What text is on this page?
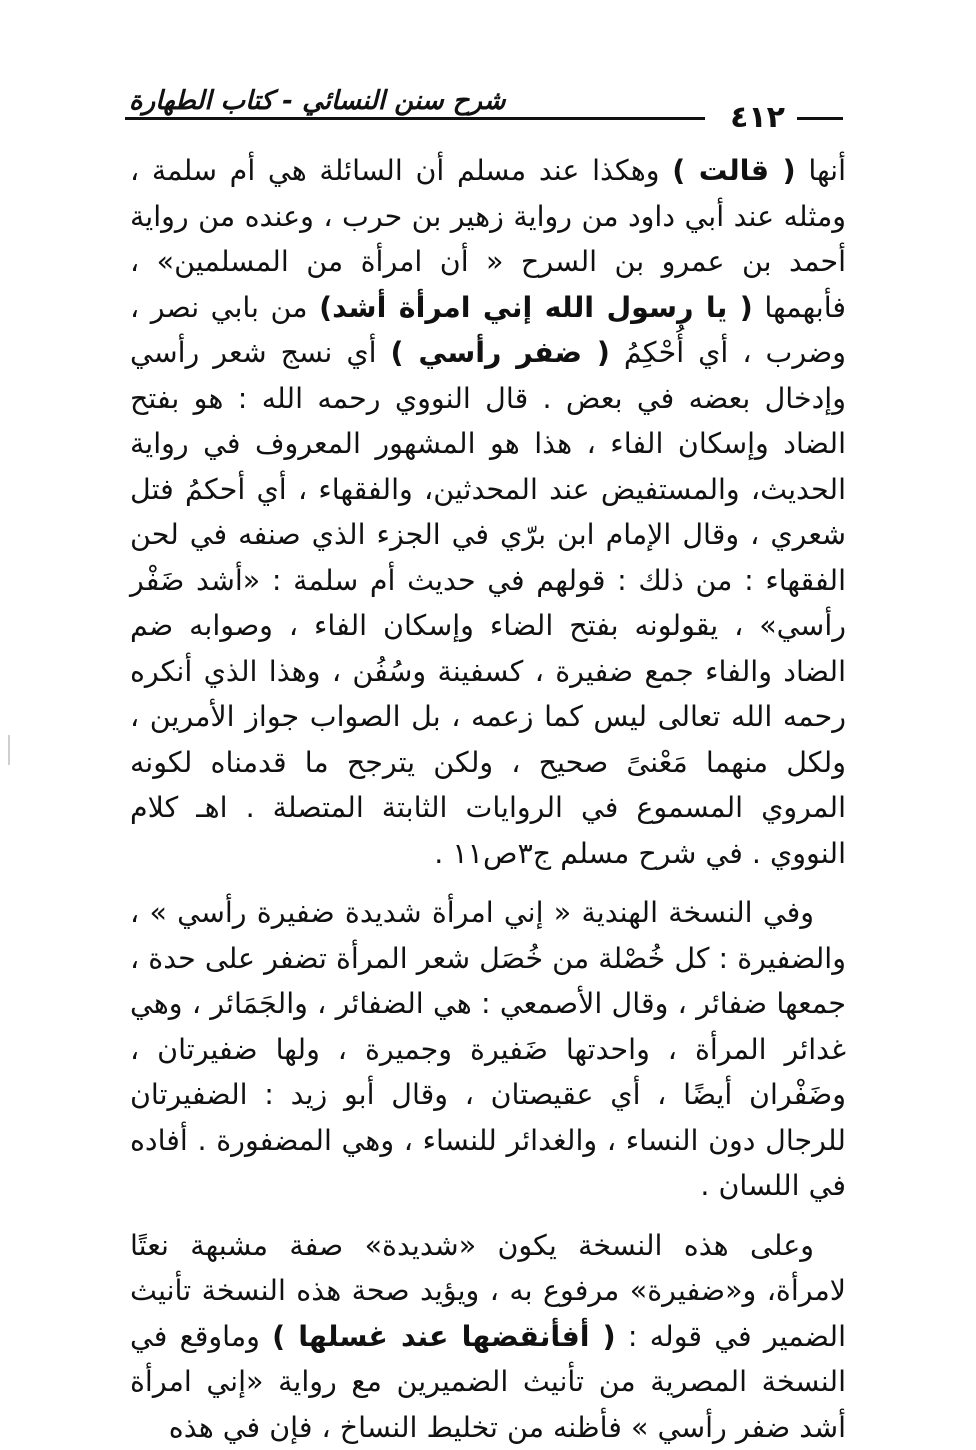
شرح سنن النسائي - كتاب الطهارة	٤١٢

أنها ( قالت ) وهكذا عند مسلم أن السائلة هي أم سلمة ، ومثله عند أبي داود من رواية زهير بن حرب ، وعنده من رواية أحمد بن عمرو بن السرح « أن امرأة من المسلمين» ، فأبهمها ( يا رسول الله إني امرأة أشد) من بابي نصر ، وضرب ، أي أُحْكِمُ ( ضفر رأسي ) أي نسج شعر رأسي وإدخال بعضه في بعض . قال النووي رحمه الله : هو بفتح الضاد وإسكان الفاء ، هذا هو المشهور المعروف في رواية الحديث، والمستفيض عند المحدثين، والفقهاء ، أي أحكمُ فتل شعري ، وقال الإمام ابن برّي في الجزء الذي صنفه في لحن الفقهاء : من ذلك : قولهم في حديث أم سلمة : «أشد ضَفْر رأسي» ، يقولونه بفتح الضاء وإسكان الفاء ، وصوابه ضم الضاد والفاء جمع ضفيرة ، كسفينة وسُفُن ، وهذا الذي أنكره رحمه الله تعالى ليس كما زعمه ، بل الصواب جواز الأمرين ، ولكل منهما مَعْنىً صحيح ، ولكن يترجح ما قدمناه لكونه المروي المسموع في الروايات الثابتة المتصلة . اهـ كلام النووي . في شرح مسلم ج٣ص١١ .

وفي النسخة الهندية « إني امرأة شديدة ضفيرة رأسي » ، والضفيرة : كل خُصْلة من خُصَل شعر المرأة تضفر على حدة ، جمعها ضفائر ، وقال الأصمعي : هي الضفائر ، والجَمَائر ، وهي غدائر المرأة ، واحدتها ضَفيرة وجميرة ، ولها ضفيرتان ، وضَفْران أيضًا ، أي عقيصتان ، وقال أبو زيد : الضفيرتان للرجال دون النساء ، والغدائر للنساء ، وهي المضفورة . أفاده في اللسان .

وعلى هذه النسخة يكون «شديدة» صفة مشبهة نعتًا لامرأة، و«ضفيرة» مرفوع به ، ويؤيد صحة هذه النسخة تأنيث الضمير في قوله : ( أفأنقضها عند غسلها ) وماوقع في النسخة المصرية من تأنيث الضميرين مع رواية «إني امرأة أشد ضفر رأسي » فأظنه من تخليط النساخ ، فإن في هذه
